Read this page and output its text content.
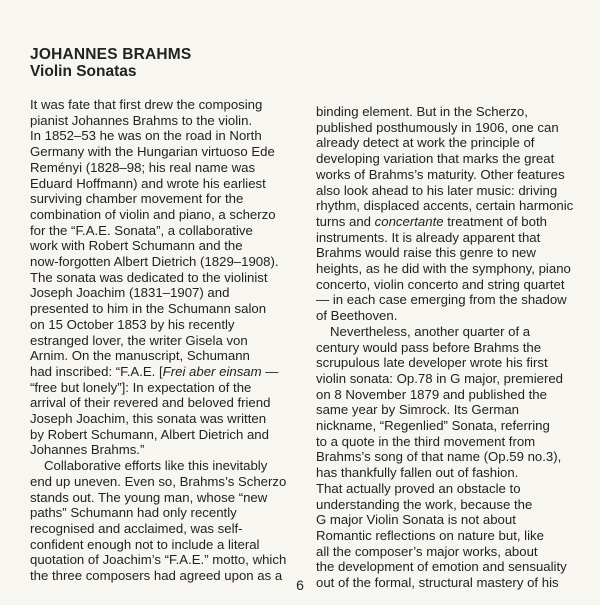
JOHANNES BRAHMS
Violin Sonatas
It was fate that first drew the composing
pianist Johannes Brahms to the violin.
In 1852–53 he was on the road in North
Germany with the Hungarian virtuoso Ede
Reményi (1828–98; his real name was
Eduard Hoffmann) and wrote his earliest
surviving chamber movement for the
combination of violin and piano, a scherzo
for the “F.A.E. Sonata”, a collaborative
work with Robert Schumann and the
now-forgotten Albert Dietrich (1829–1908).
The sonata was dedicated to the violinist
Joseph Joachim (1831–1907) and
presented to him in the Schumann salon
on 15 October 1853 by his recently
estranged lover, the writer Gisela von
Arnim. On the manuscript, Schumann
had inscribed: “F.A.E. [Frei aber einsam —
“free but lonely”]: In expectation of the
arrival of their revered and beloved friend
Joseph Joachim, this sonata was written
by Robert Schumann, Albert Dietrich and
Johannes Brahms.”
Collaborative efforts like this inevitably
end up uneven. Even so, Brahms’s Scherzo
stands out. The young man, whose “new
paths” Schumann had only recently
recognised and acclaimed, was self-
confident enough not to include a literal
quotation of Joachim’s “F.A.E.” motto, which
the three composers had agreed upon as a
binding element. But in the Scherzo,
published posthumously in 1906, one can
already detect at work the principle of
developing variation that marks the great
works of Brahms’s maturity. Other features
also look ahead to his later music: driving
rhythm, displaced accents, certain harmonic
turns and concertante treatment of both
instruments. It is already apparent that
Brahms would raise this genre to new
heights, as he did with the symphony, piano
concerto, violin concerto and string quartet
— in each case emerging from the shadow
of Beethoven.
Nevertheless, another quarter of a
century would pass before Brahms the
scrupulous late developer wrote his first
violin sonata: Op.78 in G major, premiered
on 8 November 1879 and published the
same year by Simrock. Its German
nickname, “Regenlied” Sonata, referring
to a quote in the third movement from
Brahms’s song of that name (Op.59 no.3),
has thankfully fallen out of fashion.
That actually proved an obstacle to
understanding the work, because the
G major Violin Sonata is not about
Romantic reflections on nature but, like
all the composer’s major works, about
the development of emotion and sensuality
out of the formal, structural mastery of his
6
